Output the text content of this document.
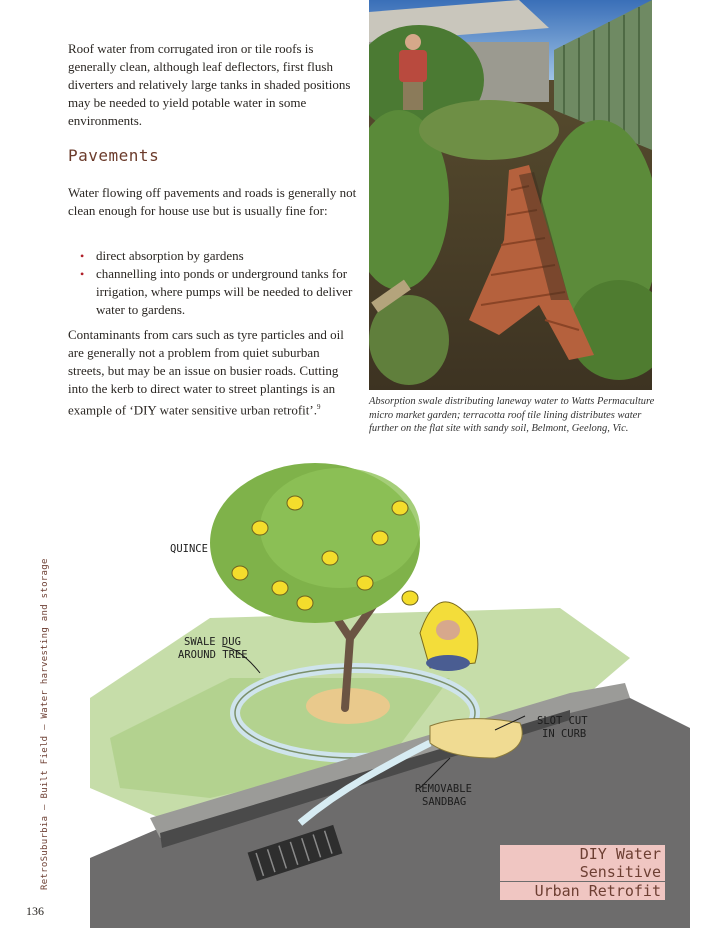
Roof water from corrugated iron or tile roofs is generally clean, although leaf deflectors, first flush diverters and relatively large tanks in shaded positions may be needed to yield potable water in some environments.

Pavements

Water flowing off pavements and roads is generally not clean enough for house use but is usually fine for:

• direct absorption by gardens
• channelling into ponds or underground tanks for irrigation, where pumps will be needed to deliver water to gardens.

Contaminants from cars such as tyre particles and oil are generally not a problem from quiet suburban streets, but may be an issue on busier roads. Cutting into the kerb to direct water to street plantings is an example of ‘DIY water sensitive urban retrofit’.$^9$	Absorption swale distributing laneway water to Watts Permaculture micro market garden; terracotta roof tile lining distributes water further on the flat site with sandy soil, Belmont, Geelong, Vic.

QUINCE
SWALE DUG
AROUND TREE
SLOT CUT
IN CURB
REMOVABLE
SANDBAG
DIY Water Sensitive
Urban Retrofit
RetroSuburbia – Built Field – Water harvesting and storage
136
